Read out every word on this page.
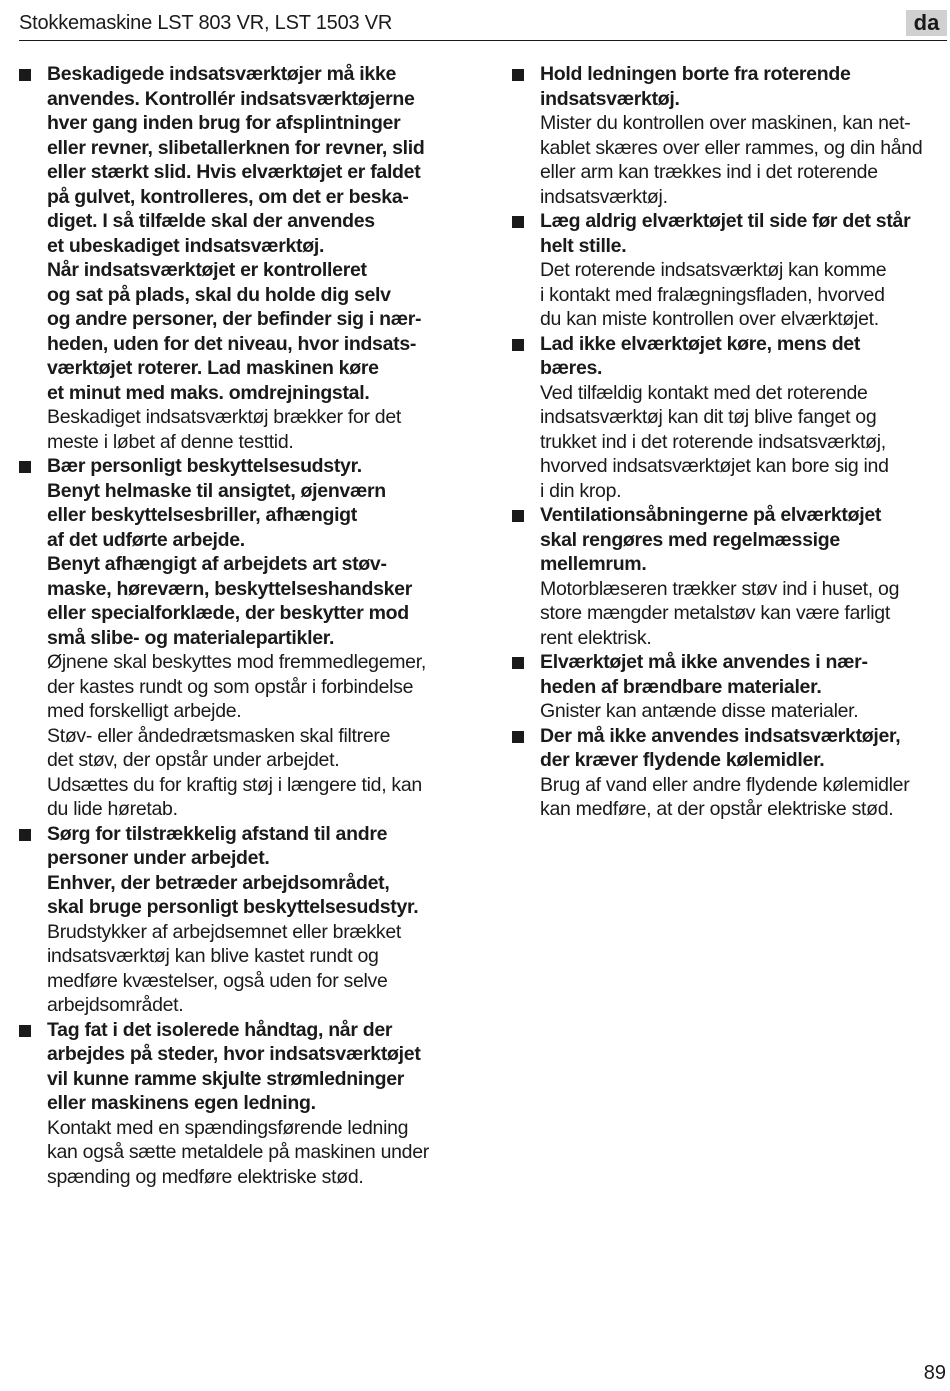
Stokkemaskine LST 803 VR, LST 1503 VR	da
Beskadigede indsatsværktøjer må ikke
anvendes. Kontrollér indsatsværktøjerne
hver gang inden brug for afsplintninger
eller revner, slibetallerknen for revner, slid
eller stærkt slid. Hvis elværktøjet er faldet
på gulvet, kontrolleres, om det er beska-
diget. I så tilfælde skal der anvendes
et ubeskadiget indsatsværktøj.
Når indsatsværktøjet er kontrolleret
og sat på plads, skal du holde dig selv
og andre personer, der befinder sig i nær-
heden, uden for det niveau, hvor indsats-
værktøjet roterer. Lad maskinen køre
et minut med maks. omdrejningstal.
Beskadiget indsatsværktøj brækker for det
meste i løbet af denne testtid.
Bær personligt beskyttelsesudstyr.
Benyt helmaske til ansigtet, øjenværn
eller beskyttelsesbriller, afhængigt
af det udførte arbejde.
Benyt afhængigt af arbejdets art støv-
maske, høreværn, beskyttelseshandsker
eller specialforklæde, der beskytter mod
små slibe- og materialepartikler.
Øjnene skal beskyttes mod fremmedlegemer,
der kastes rundt og som opstår i forbindelse
med forskelligt arbejde.
Støv- eller åndedrætsmasken skal filtrere
det støv, der opstår under arbejdet.
Udsættes du for kraftig støj i længere tid, kan
du lide høretab.
Sørg for tilstrækkelig afstand til andre
personer under arbejdet.
Enhver, der betræder arbejdsområdet,
skal bruge personligt beskyttelsesudstyr.
Brudstykker af arbejdsemnet eller brækket
indsatsværktøj kan blive kastet rundt og
medføre kvæstelser, også uden for selve
arbejdsområdet.
Tag fat i det isolerede håndtag, når der
arbejdes på steder, hvor indsatsværktøjet
vil kunne ramme skjulte strømledninger
eller maskinens egen ledning.
Kontakt med en spændingsførende ledning
kan også sætte metaldele på maskinen under
spænding og medføre elektriske stød.
Hold ledningen borte fra roterende
indsatsværktøj.
Mister du kontrollen over maskinen, kan net-
kablet skæres over eller rammes, og din hånd
eller arm kan trækkes ind i det roterende
indsatsværktøj.
Læg aldrig elværktøjet til side før det står
helt stille.
Det roterende indsatsværktøj kan komme
i kontakt med fralægningsfladen, hvorved
du kan miste kontrollen over elværktøjet.
Lad ikke elværktøjet køre, mens det
bæres.
Ved tilfældig kontakt med det roterende
indsatsværktøj kan dit tøj blive fanget og
trukket ind i det roterende indsatsværktøj,
hvorved indsatsværktøjet kan bore sig ind
i din krop.
Ventilationsåbningerne på elværktøjet
skal rengøres med regelmæssige
mellemrum.
Motorblæseren trækker støv ind i huset, og
store mængder metalstøv kan være farligt
rent elektrisk.
Elværktøjet må ikke anvendes i nær-
heden af brændbare materialer.
Gnister kan antænde disse materialer.
Der må ikke anvendes indsatsværktøjer,
der kræver flydende kølemidler.
Brug af vand eller andre flydende kølemidler
kan medføre, at der opstår elektriske stød.
89
